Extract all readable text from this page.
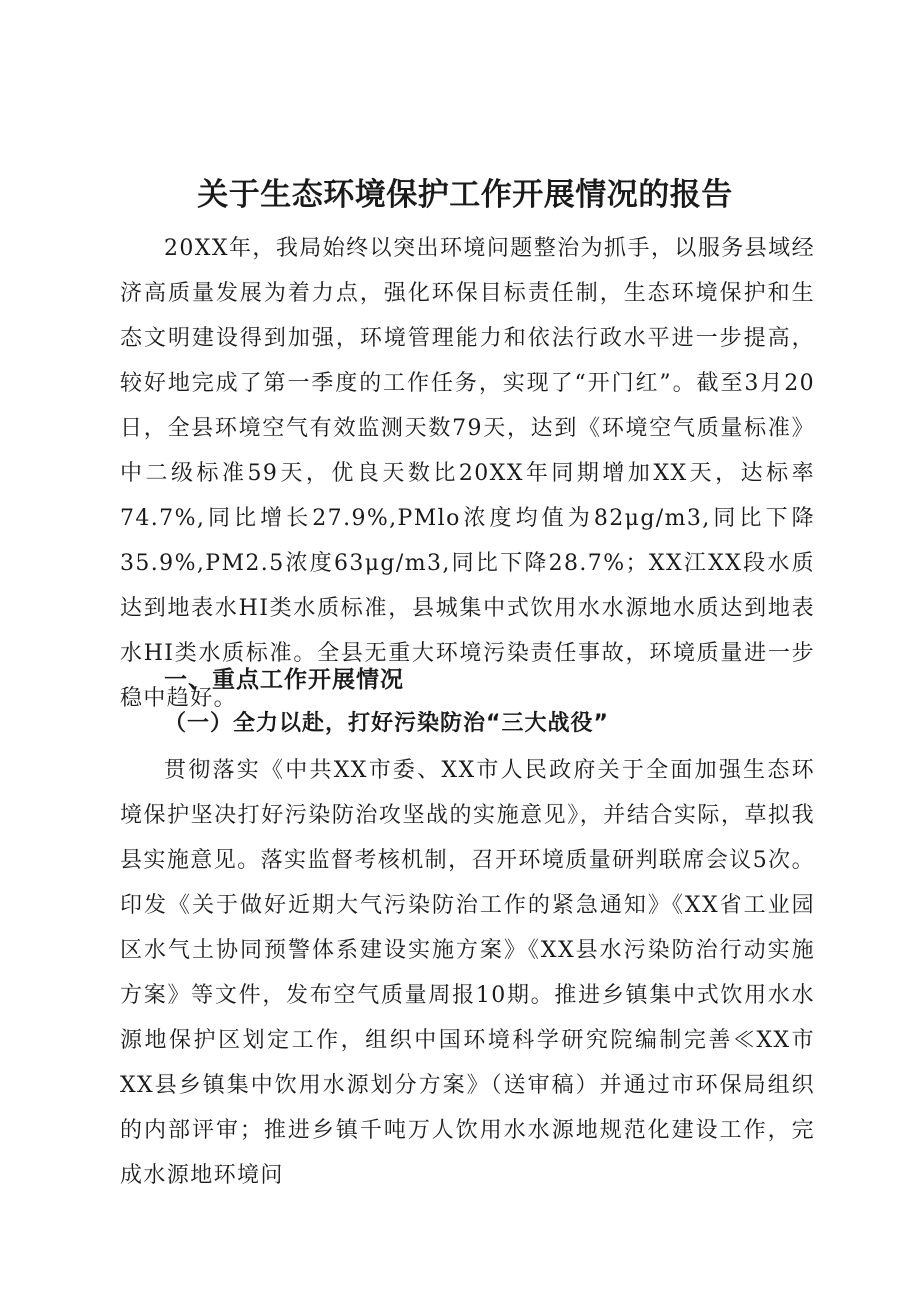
关于生态环境保护工作开展情况的报告

20XX年，我局始终以突出环境问题整治为抓手，以服务县域经济高质量发展为着力点，强化环保目标责任制，生态环境保护和生态文明建设得到加强，环境管理能力和依法行政水平进一步提高，较好地完成了第一季度的工作任务，实现了“开门红”。截至3月20日，全县环境空气有效监测天数79天，达到《环境空气质量标准》中二级标准59天，优良天数比20XX年同期增加XX天，达标率74.7%,同比增长27.9%,PMlo浓度均值为82μg/m3,同比下降35.9%,PM2.5浓度63μg/m3,同比下降28.7%；XX江XX段水质达到地表水HI类水质标准，县城集中式饮用水水源地水质达到地表水HI类水质标准。全县无重大环境污染责任事故，环境质量进一步稳中趋好。

一、重点工作开展情况
（一）全力以赴，打好污染防治“三大战役”

贯彻落实《中共XX市委、XX市人民政府关于全面加强生态环境保护坚决打好污染防治攻坚战的实施意见》，并结合实际，草拟我县实施意见。落实监督考核机制，召开环境质量研判联席会议5次。印发《关于做好近期大气污染防治工作的紧急通知》《XX省工业园区水气土协同预警体系建设实施方案》《XX县水污染防治行动实施方案》等文件，发布空气质量周报10期。推进乡镇集中式饮用水水源地保护区划定工作，组织中国环境科学研究院编制完善≪XX市XX县乡镇集中饮用水源划分方案》（送审稿）并通过市环保局组织的内部评审；推进乡镇千吨万人饮用水水源地规范化建设工作，完成水源地环境问
